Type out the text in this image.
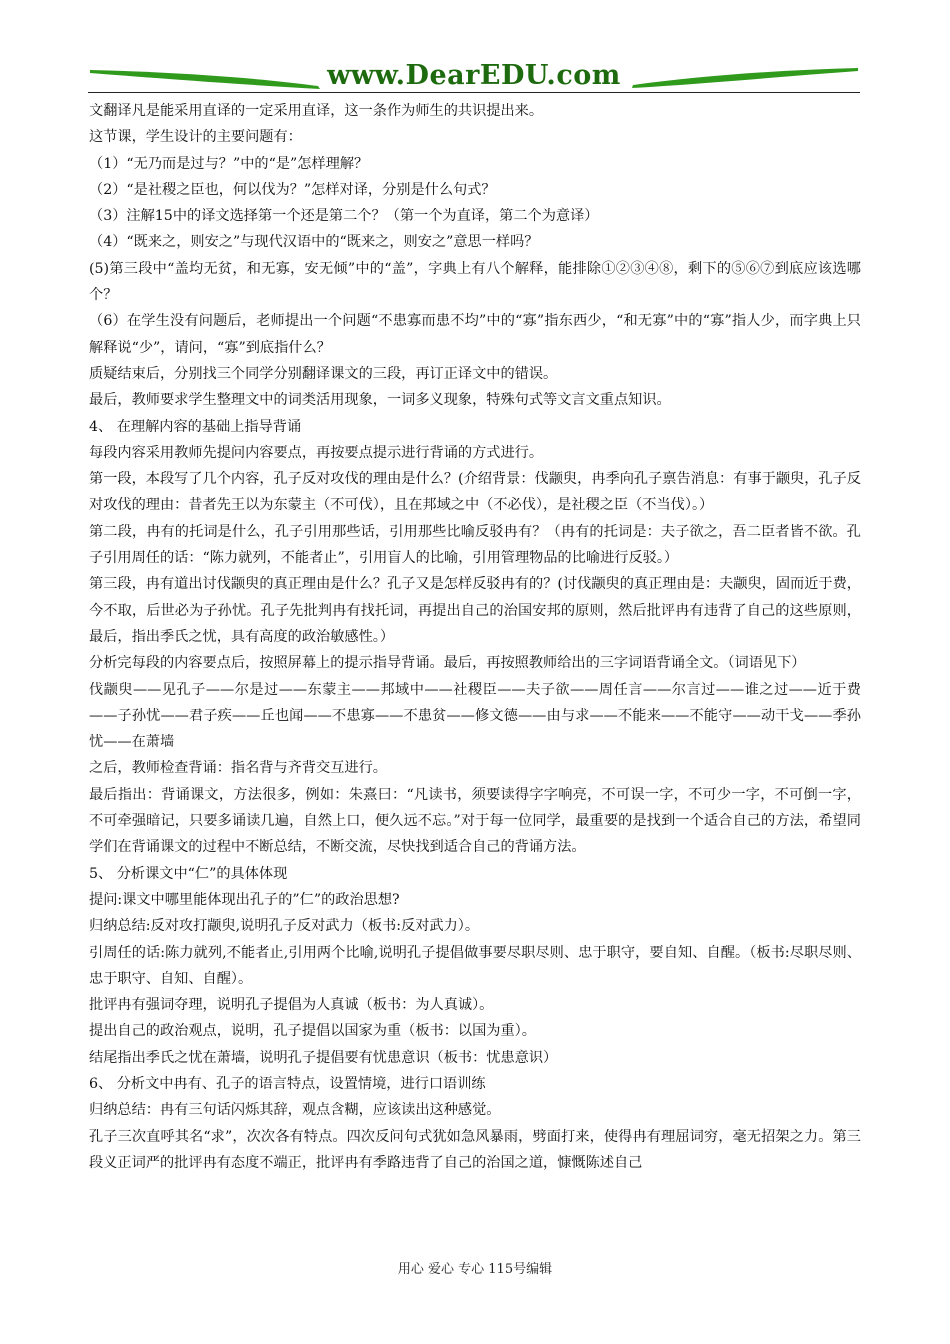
www.DearEDU.com

文翻译凡是能采用直译的一定采用直译，这一条作为师生的共识提出来。

这节课，学生设计的主要问题有：

（1）“无乃而是过与？”中的“是”怎样理解？

（2）“是社稷之臣也，何以伐为？”怎样对译，分别是什么句式？

（3）注解15中的译文选择第一个还是第二个？（第一个为直译，第二个为意译）

（4）“既来之，则安之”与现代汉语中的“既来之，则安之”意思一样吗？

(5)第三段中“盖均无贫，和无寡，安无倾”中的“盖”，字典上有八个解释，能排除①②③④⑧，剩下的⑤⑥⑦到底应该选哪个？

（6）在学生没有问题后，老师提出一个问题“不患寡而患不均”中的“寡”指东西少，“和无寡”中的“寡”指人少，而字典上只解释说“少”，请问，“寡”到底指什么？

质疑结束后，分别找三个同学分别翻译课文的三段，再订正译文中的错误。

最后，教师要求学生整理文中的词类活用现象，一词多义现象，特殊句式等文言文重点知识。

4、 在理解内容的基础上指导背诵

每段内容采用教师先提问内容要点，再按要点提示进行背诵的方式进行。

第一段，本段写了几个内容，孔子反对攻伐的理由是什么？(介绍背景：伐颛臾，冉季向孔子禀告消息：有事于颛臾，孔子反对攻伐的理由：昔者先王以为东蒙主（不可伐），且在邦域之中（不必伐），是社稷之臣（不当伐）。）

第二段，冉有的托词是什么，孔子引用那些话，引用那些比喻反驳冉有？（冉有的托词是：夫子欲之，吾二臣者皆不欲。孔子引用周任的话：“陈力就列，不能者止”，引用盲人的比喻，引用管理物品的比喻进行反驳。）

第三段，冉有道出讨伐颛臾的真正理由是什么？孔子又是怎样反驳冉有的？(讨伐颛臾的真正理由是：夫颛臾，固而近于费，今不取，后世必为子孙忧。孔子先批判冉有找托词，再提出自己的治国安邦的原则，然后批评冉有违背了自己的这些原则，最后，指出季氏之忧，具有高度的政治敏感性。）

分析完每段的内容要点后，按照屏幕上的提示指导背诵。最后，再按照教师给出的三字词语背诵全文。（词语见下）

伐颛臾——见孔子——尔是过——东蒙主——邦域中——社稷臣——夫子欲——周任言——尔言过——谁之过——近于费——子孙忧——君子疾——丘也闻——不患寡——不患贫——修文德——由与求——不能来——不能守——动干戈——季孙忧——在萧墙

之后，教师检查背诵：指名背与齐背交互进行。

最后指出：背诵课文，方法很多，例如：朱熹曰：“凡读书，须要读得字字响亮，不可误一字，不可少一字，不可倒一字，不可牵强暗记，只要多诵读几遍，自然上口，便久远不忘。”对于每一位同学，最重要的是找到一个适合自己的方法，希望同学们在背诵课文的过程中不断总结，不断交流，尽快找到适合自己的背诵方法。

5、 分析课文中“仁”的具体体现

提问:课文中哪里能体现出孔子的”仁”的政治思想?

归纳总结:反对攻打颛臾,说明孔子反对武力（板书:反对武力）。

引周任的话:陈力就列,不能者止,引用两个比喻,说明孔子提倡做事要尽职尽则、忠于职守，要自知、自醒。（板书:尽职尽则、忠于职守、自知、自醒）。

批评冉有强词夺理，说明孔子提倡为人真诚（板书：为人真诚）。

提出自己的政治观点，说明，孔子提倡以国家为重（板书：以国为重）。

结尾指出季氏之忧在萧墙，说明孔子提倡要有忧患意识（板书：忧患意识）

6、 分析文中冉有、孔子的语言特点，设置情境，进行口语训练

归纳总结：冉有三句话闪烁其辞，观点含糊，应该读出这种感觉。

孔子三次直呼其名“求”，次次各有特点。四次反问句式犹如急风暴雨，劈面打来，使得冉有理屈词穷，毫无招架之力。第三段义正词严的批评冉有态度不端正，批评冉有季路违背了自己的治国之道，慷慨陈述自己

用心 爱心 专心 115号编辑
